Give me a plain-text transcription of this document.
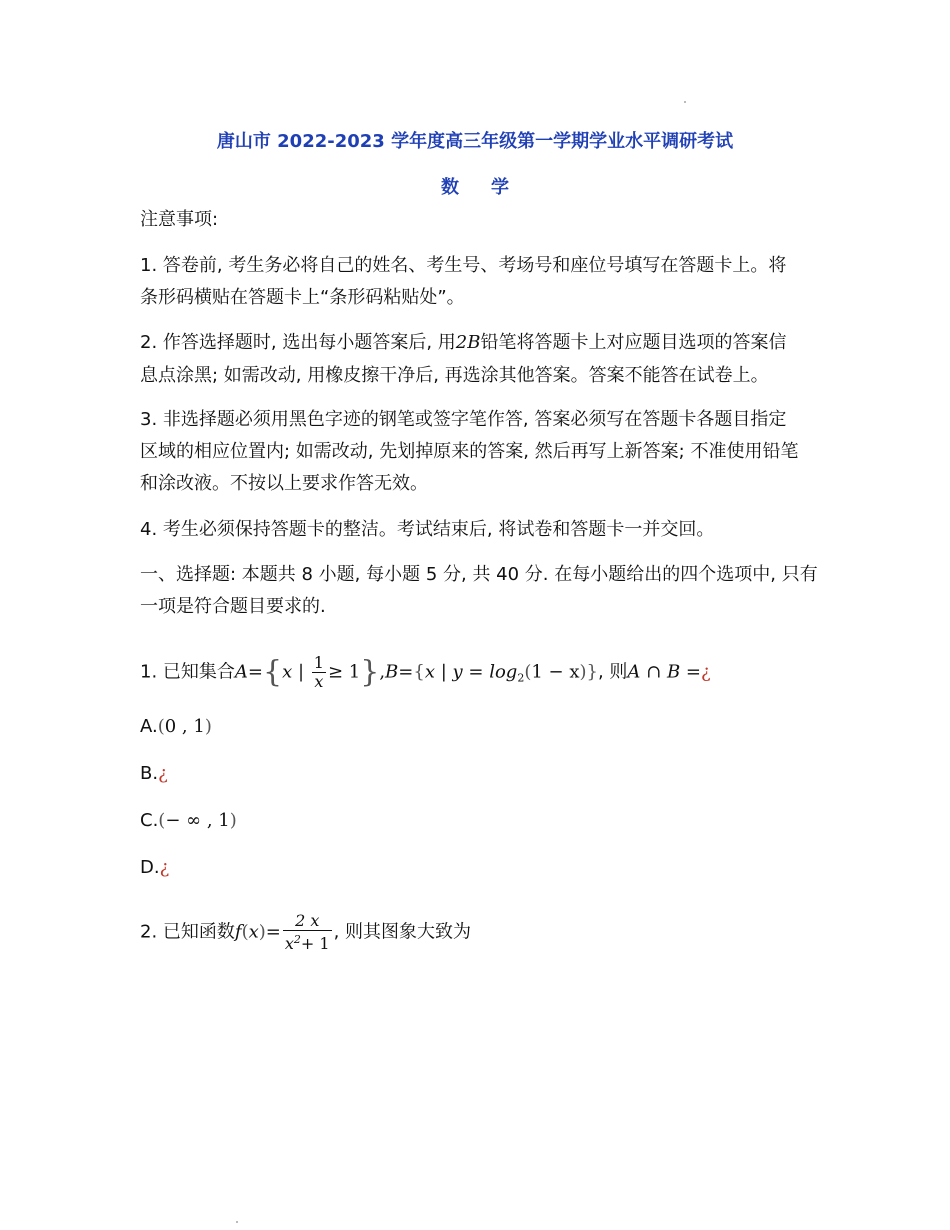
唐山市 2022-2023 学年度高三年级第一学期学业水平调研考试
数学
注意事项:
1. 答卷前, 考生务必将自己的姓名、考生号、考场号和座位号填写在答题卡上。将
条形码横贴在答题卡上“条形码粘贴处”。
2. 作答选择题时, 选出每小题答案后, 用2B铅笔将答题卡上对应题目选项的答案信
息点涂黑; 如需改动, 用橡皮擦干净后, 再选涂其他答案。答案不能答在试卷上。
3. 非选择题必须用黑色字迹的钢笔或签字笔作答, 答案必须写在答题卡各题目指定
区域的相应位置内; 如需改动, 先划掉原来的答案, 然后再写上新答案; 不准使用铅笔
和涂改液。不按以上要求作答无效。
4. 考生必须保持答题卡的整洁。考试结束后, 将试卷和答题卡一并交回。
一、选择题: 本题共 8 小题, 每小题 5 分, 共 40 分. 在每小题给出的四个选项中, 只有
一项是符合题目要求的.
1. 已知集合A={x | $\frac{1}{x} \ge 1\},B=\{x$ | $y = \log_2(1 - x)$}, 则A ∩ B =¿
A.(0 , 1)
B.¿
C.(− ∞ , 1)
D.¿
2. 已知函数$f(x)= \frac{2 x}{x^2+ 1}$ , 则其图象大致为
